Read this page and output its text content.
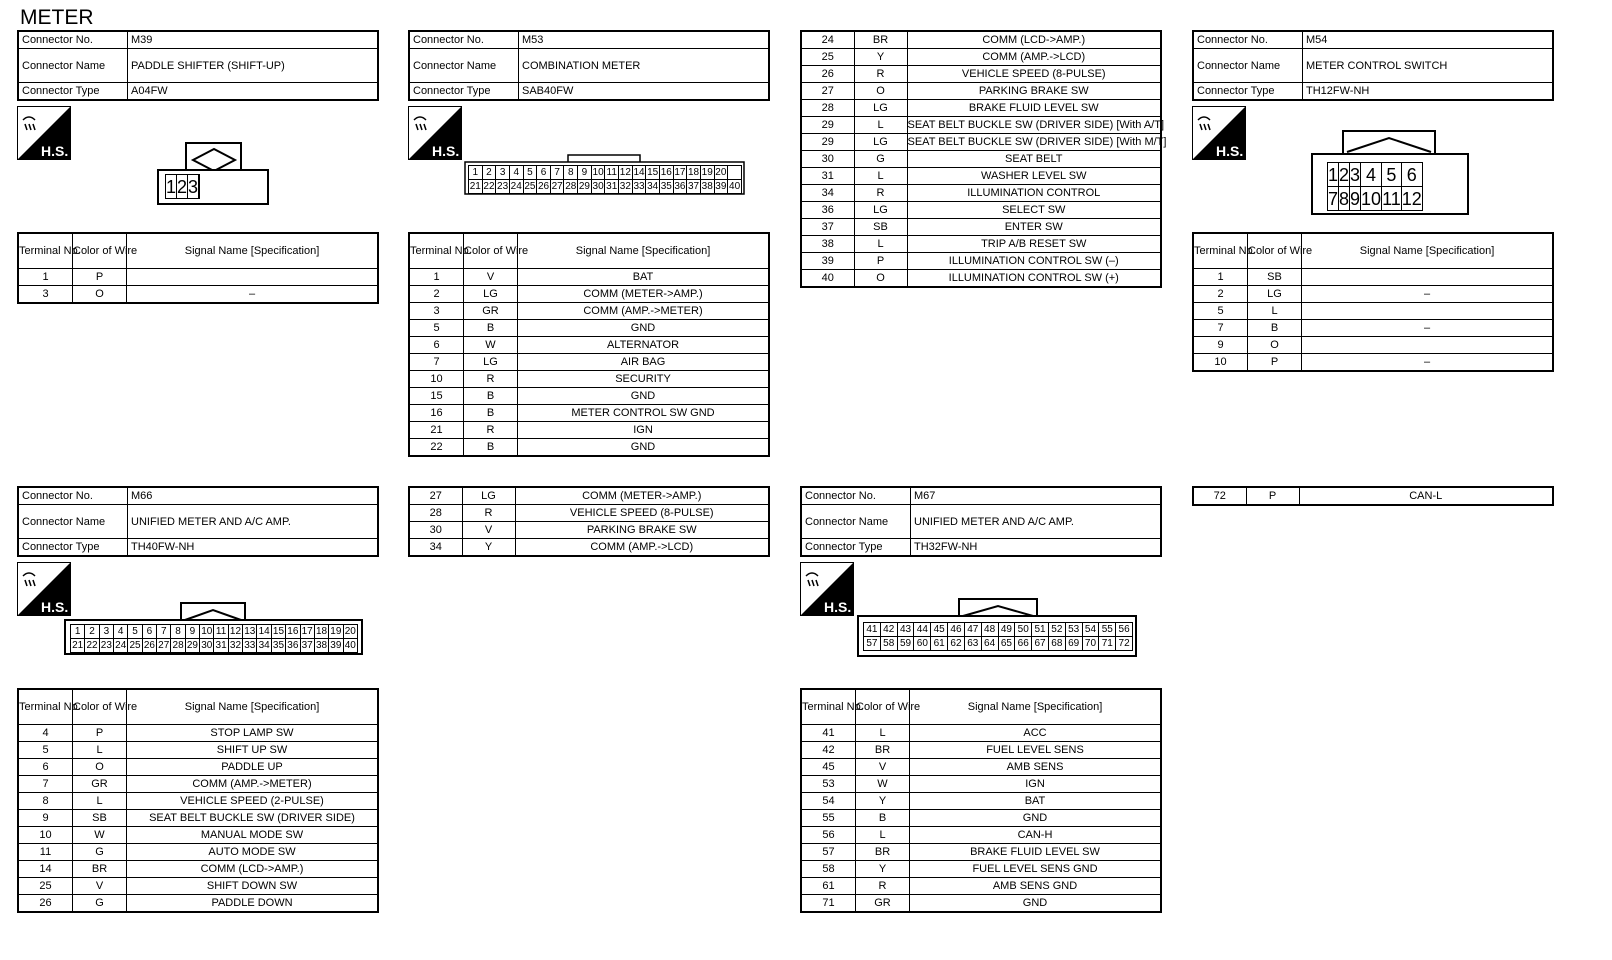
METER
Connector No.	M39
Connector Name	PADDLE SHIFTER (SHIFT-UP)
Connector Type	A04FW
H.S.
1	2	3	
Terminal No.	Color of Wire	Signal Name [Specification]
1	P	
3	O	–
Connector No.	M53
Connector Name	COMBINATION METER
Connector Type	SAB40FW
H.S.
1	2	3	4	5	6	7	8	9	10	11	12	14	15	16	17	18	19	20	
21	22	23	24	25	26	27	28	29	30	31	32	33	34	35	36	37	38	39	40
Terminal No.	Color of Wire	Signal Name [Specification]
1	V	BAT
2	LG	COMM (METER->AMP.)
3	GR	COMM (AMP.->METER)
5	B	GND
6	W	ALTERNATOR
7	LG	AIR BAG
10	R	SECURITY
15	B	GND
16	B	METER CONTROL SW GND
21	R	IGN
22	B	GND
24	BR	COMM (LCD->AMP.)
25	Y	COMM (AMP.->LCD)
26	R	VEHICLE SPEED (8-PULSE)
27	O	PARKING BRAKE SW
28	LG	BRAKE FLUID LEVEL SW
29	L	SEAT BELT BUCKLE SW (DRIVER SIDE) [With A/T]
29	LG	SEAT BELT BUCKLE SW (DRIVER SIDE) [With M/T]
30	G	SEAT BELT
31	L	WASHER LEVEL SW
34	R	ILLUMINATION CONTROL
36	LG	SELECT SW
37	SB	ENTER SW
38	L	TRIP A/B RESET SW
39	P	ILLUMINATION CONTROL SW (–)
40	O	ILLUMINATION CONTROL SW (+)
Connector No.	M54
Connector Name	METER CONTROL SWITCH
Connector Type	TH12FW-NH
H.S.
1	2	3	4	5	6
7	8	9	10	11	12
Terminal No.	Color of Wire	Signal Name [Specification]
1	SB	
2	LG	–
5	L	
7	B	–
9	O	
10	P	–
Connector No.	M66
Connector Name	UNIFIED METER AND A/C AMP.
Connector Type	TH40FW-NH
H.S.
1	2	3	4	5	6	7	8	9	10	11	12	13	14	15	16	17	18	19	20
21	22	23	24	25	26	27	28	29	30	31	32	33	34	35	36	37	38	39	40
Terminal No.	Color of Wire	Signal Name [Specification]
4	P	STOP LAMP SW
5	L	SHIFT UP SW
6	O	PADDLE UP
7	GR	COMM (AMP.->METER)
8	L	VEHICLE SPEED (2-PULSE)
9	SB	SEAT BELT BUCKLE SW (DRIVER SIDE)
10	W	MANUAL MODE SW
11	G	AUTO MODE SW
14	BR	COMM (LCD->AMP.)
25	V	SHIFT DOWN SW
26	G	PADDLE DOWN
27	LG	COMM (METER->AMP.)
28	R	VEHICLE SPEED (8-PULSE)
30	V	PARKING BRAKE SW
34	Y	COMM (AMP.->LCD)
Connector No.	M67
Connector Name	UNIFIED METER AND A/C AMP.
Connector Type	TH32FW-NH
H.S.
41	42	43	44	45	46	47	48	49	50	51	52	53	54	55	56
57	58	59	60	61	62	63	64	65	66	67	68	69	70	71	72
Terminal No.	Color of Wire	Signal Name [Specification]
41	L	ACC
42	BR	FUEL LEVEL SENS
45	V	AMB SENS
53	W	IGN
54	Y	BAT
55	B	GND
56	L	CAN-H
57	BR	BRAKE FLUID LEVEL SW
58	Y	FUEL LEVEL SENS GND
61	R	AMB SENS GND
71	GR	GND
72	P	CAN-L
